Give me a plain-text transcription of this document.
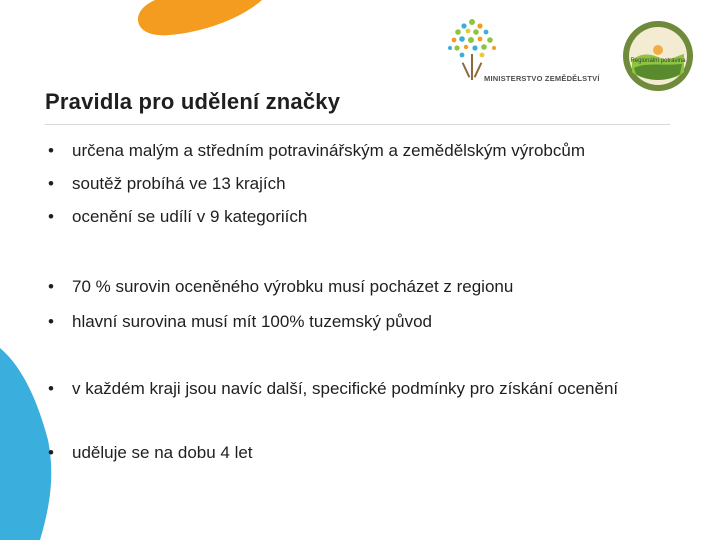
MINISTERSTVO ZEMĚDĚLSTVÍ
Regionální potravina
Pravidla pro udělení značky
• určena malým a středním potravinářským a zemědělským výrobcům
• soutěž probíhá ve 13 krajích
• ocenění se udílí v 9 kategoriích
• 70 % surovin oceněného výrobku musí pocházet z regionu
• hlavní surovina musí mít 100% tuzemský původ
• v každém kraji jsou navíc další, specifické podmínky pro získání ocenění
• uděluje se na dobu 4 let
